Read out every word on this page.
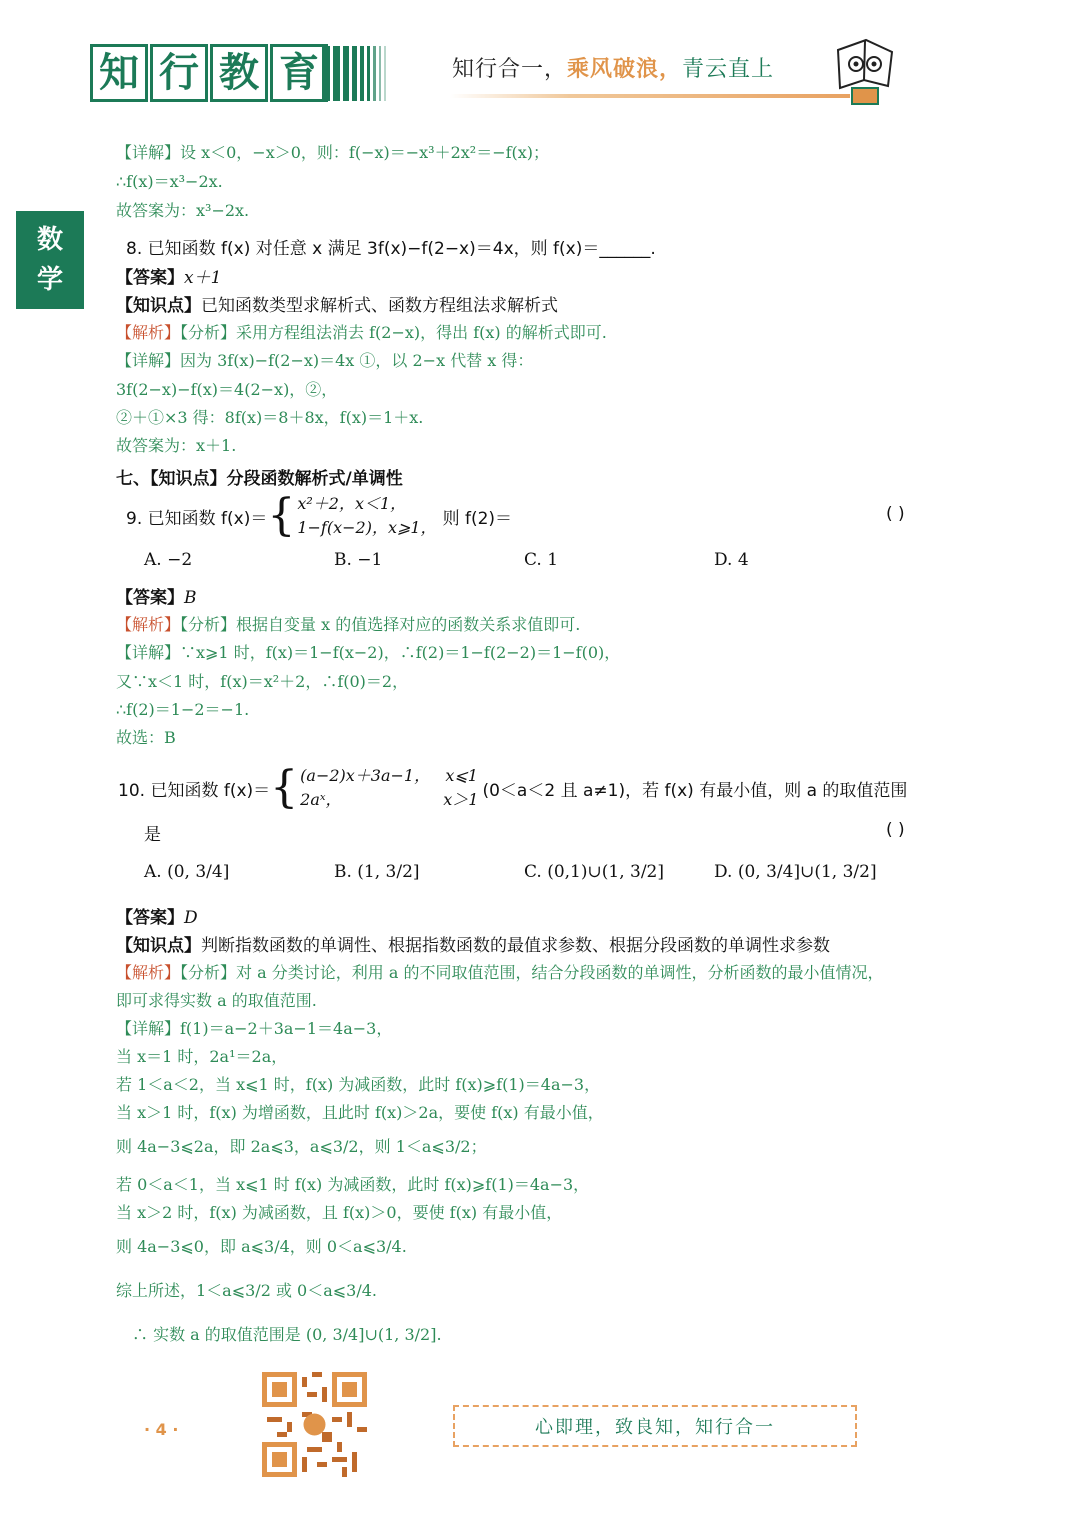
知 行 教 育	知行合一，乘风破浪，青云直上
数
学
【详解】设 x＜0，−x＞0，则：f(−x)＝−x³＋2x²＝−f(x)；
∴f(x)＝x³−2x.
故答案为：x³−2x.
8. 已知函数 f(x) 对任意 x 满足 3f(x)−f(2−x)＝4x，则 f(x)＝______.
【答案】x＋1
【知识点】已知函数类型求解析式、函数方程组法求解析式
【解析】【分析】采用方程组法消去 f(2−x)，得出 f(x) 的解析式即可.
【详解】因为 3f(x)−f(2−x)＝4x ①，以 2−x 代替 x 得：
3f(2−x)−f(x)＝4(2−x)，②，
②＋①×3 得：8f(x)＝8＋8x，f(x)＝1＋x.
故答案为：x＋1.
七、【知识点】分段函数解析式/单调性
9. 已知函数 f(x)＝ { x²＋2，x＜1，
1−f(x−2)，x⩾1， 则 f(2)＝	( )
A. −2	B. −1	C. 1	D. 4
【答案】B
【解析】【分析】根据自变量 x 的值选择对应的函数关系求值即可.
【详解】∵x⩾1 时，f(x)＝1−f(x−2)，∴f(2)＝1−f(2−2)＝1−f(0)，
又∵x＜1 时，f(x)＝x²＋2，∴f(0)＝2，
∴f(2)＝1−2＝−1.
故选：B
10. 已知函数 f(x)＝ { (a−2)x＋3a−1，   x⩽1
2aˣ，                    x＞1 (0＜a＜2 且 a≠1)，若 f(x) 有最小值，则 a 的取值范围
是	( )
A. (0, 3/4]	B. (1, 3/2]	C. (0,1)∪(1, 3/2]	D. (0, 3/4]∪(1, 3/2]
【答案】D
【知识点】判断指数函数的单调性、根据指数函数的最值求参数、根据分段函数的单调性求参数
【解析】【分析】对 a 分类讨论，利用 a 的不同取值范围，结合分段函数的单调性，分析函数的最小值情况，
即可求得实数 a 的取值范围.
【详解】f(1)＝a−2＋3a−1＝4a−3，
当 x＝1 时，2a¹＝2a，
若 1＜a＜2，当 x⩽1 时，f(x) 为减函数，此时 f(x)⩾f(1)＝4a−3，
当 x＞1 时，f(x) 为增函数，且此时 f(x)＞2a，要使 f(x) 有最小值，
则 4a−3⩽2a，即 2a⩽3，a⩽3/2，则 1＜a⩽3/2；
若 0＜a＜1，当 x⩽1 时 f(x) 为减函数，此时 f(x)⩾f(1)＝4a−3，
当 x＞2 时，f(x) 为减函数，且 f(x)＞0，要使 f(x) 有最小值，
则 4a−3⩽0，即 a⩽3/4，则 0＜a⩽3/4.
综上所述，1＜a⩽3/2 或 0＜a⩽3/4.
∴ 实数 a 的取值范围是 (0, 3/4]∪(1, 3/2].
· 4 ·	心即理，致良知，知行合一
